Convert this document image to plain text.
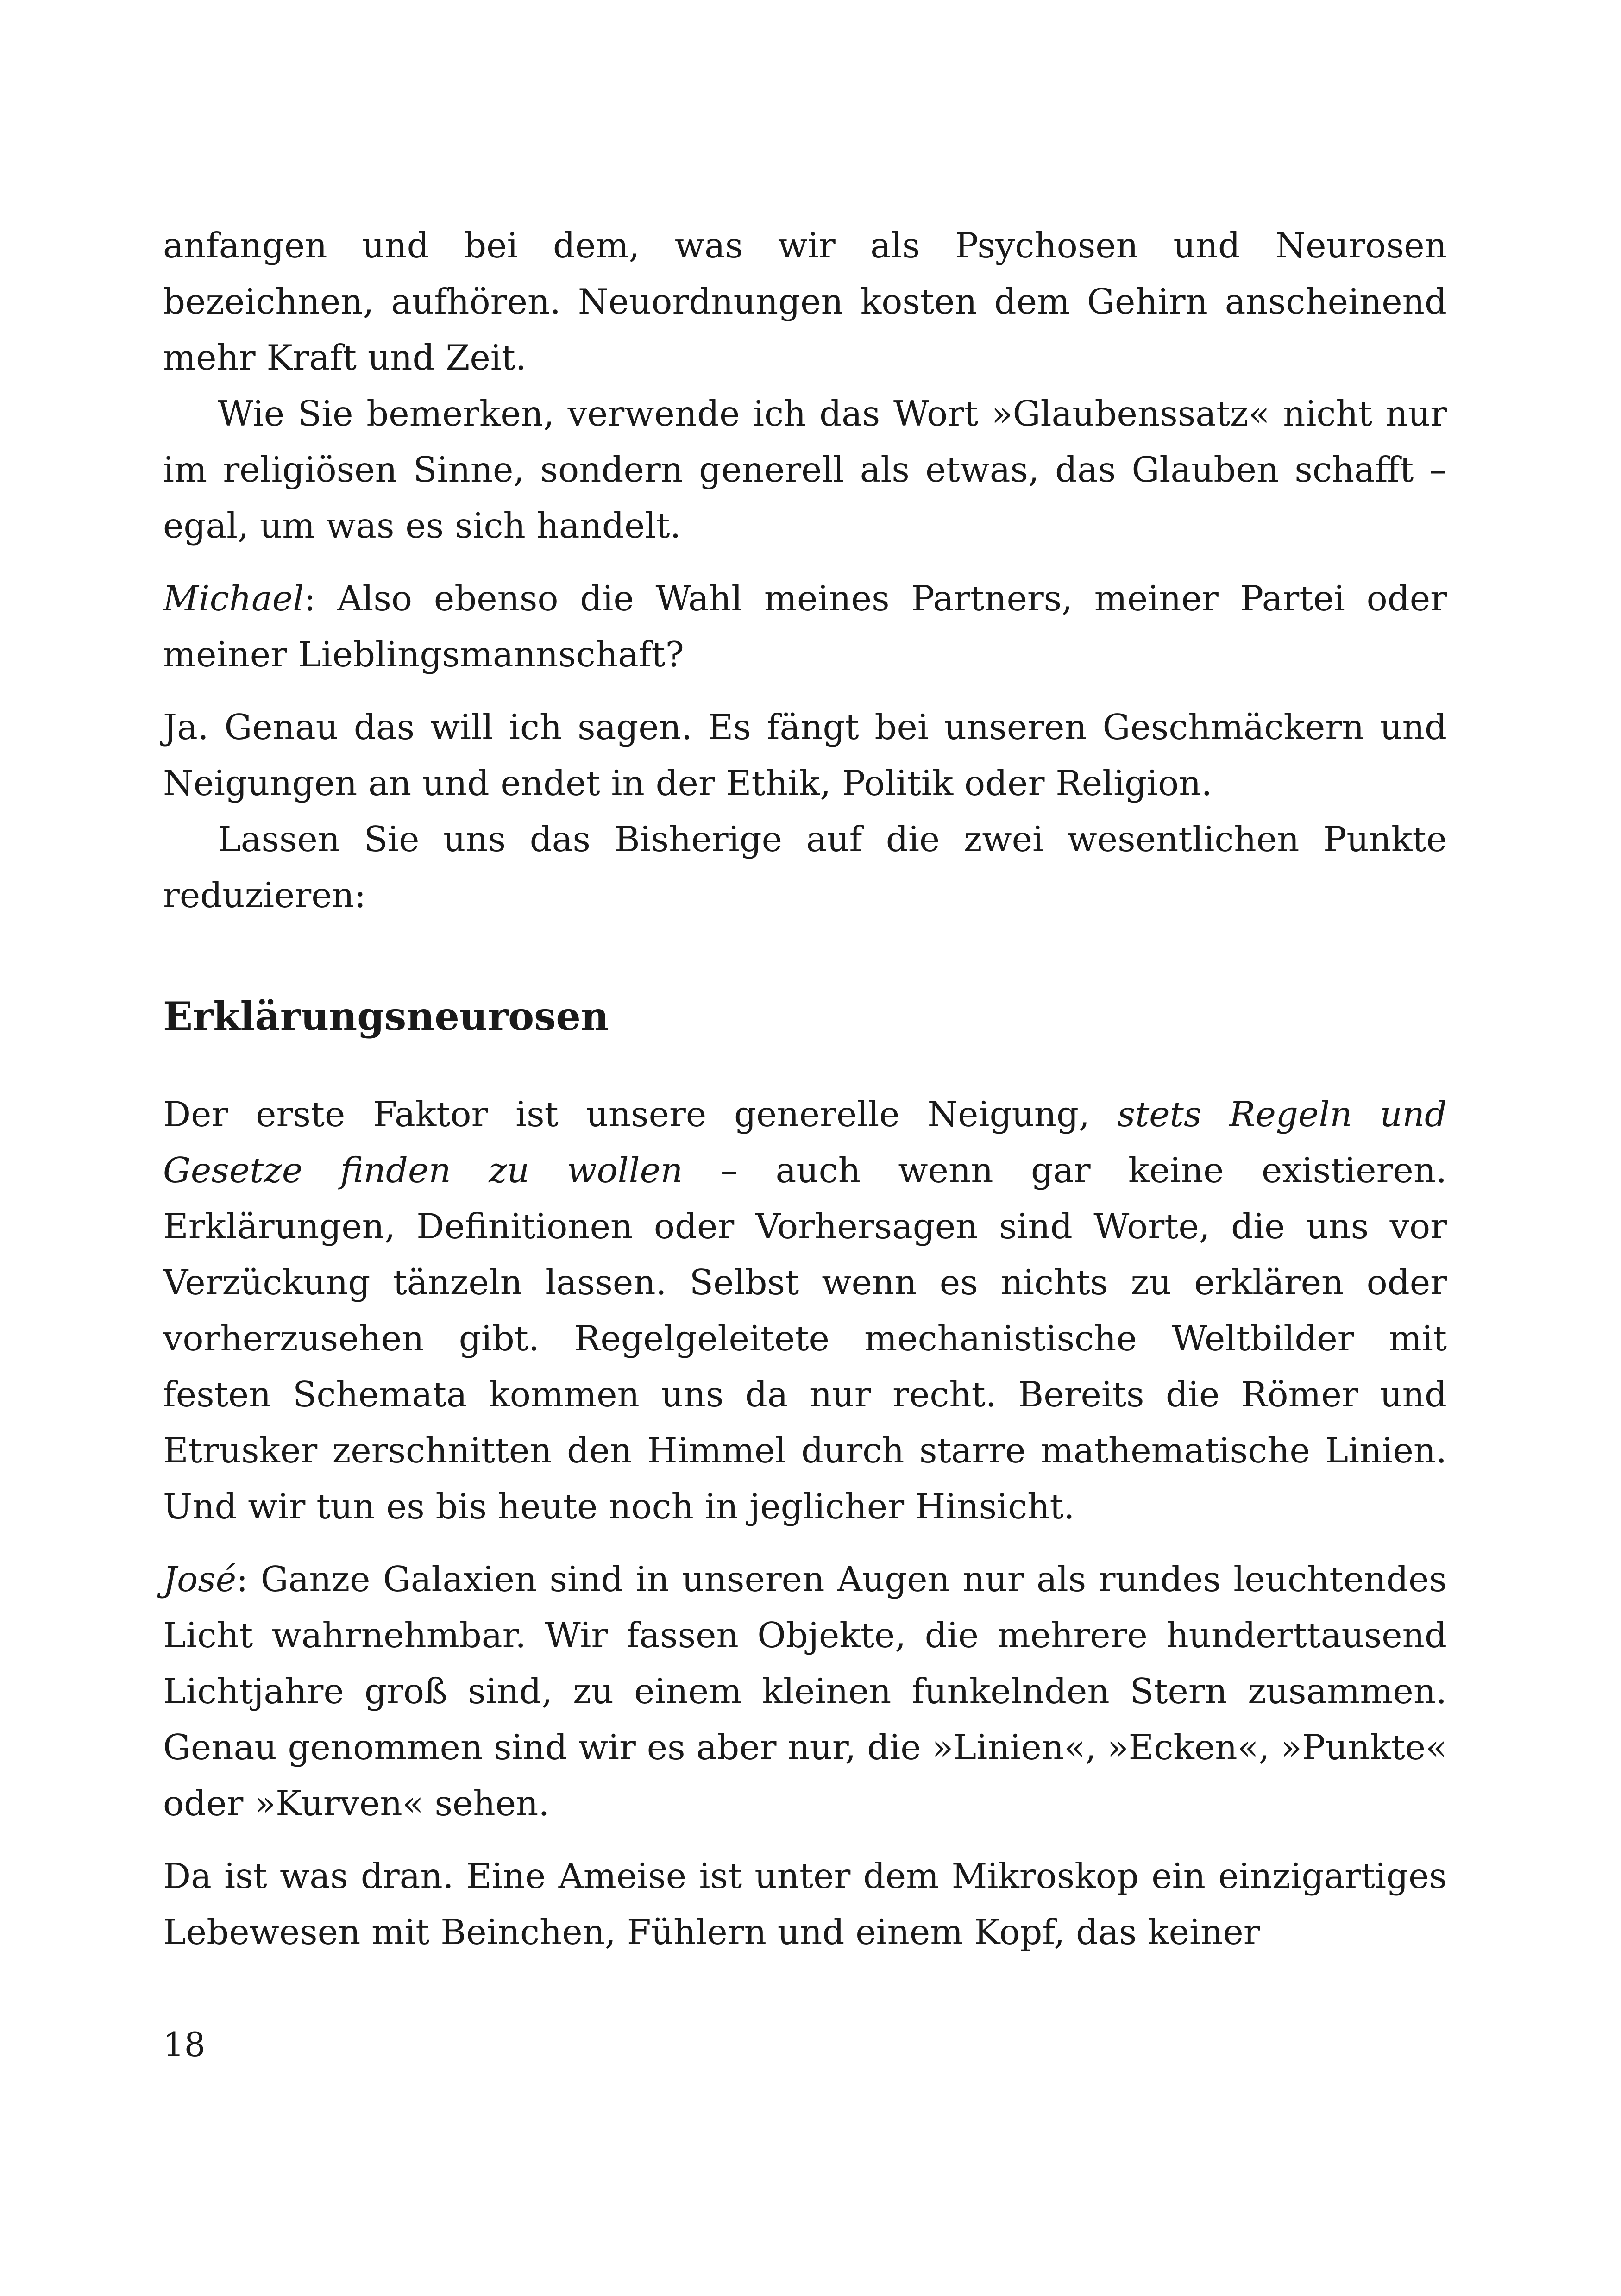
anfangen und bei dem, was wir als Psychosen und Neurosen bezeichnen, aufhören. Neuordnungen kosten dem Gehirn anscheinend mehr Kraft und Zeit.

Wie Sie bemerken, verwende ich das Wort »Glaubenssatz« nicht nur im religiösen Sinne, sondern generell als etwas, das Glauben schafft – egal, um was es sich handelt.

Michael: Also ebenso die Wahl meines Partners, meiner Partei oder meiner Lieblingsmannschaft?

Ja. Genau das will ich sagen. Es fängt bei unseren Geschmäckern und Neigungen an und endet in der Ethik, Politik oder Religion.

Lassen Sie uns das Bisherige auf die zwei wesentlichen Punkte reduzieren:

Erklärungsneurosen

Der erste Faktor ist unsere generelle Neigung, stets Regeln und Gesetze finden zu wollen – auch wenn gar keine existieren. Erklärungen, Definitionen oder Vorhersagen sind Worte, die uns vor Verzückung tänzeln lassen. Selbst wenn es nichts zu erklären oder vorherzusehen gibt. Regelgeleitete mechanistische Weltbilder mit festen Schemata kommen uns da nur recht. Bereits die Römer und Etrusker zerschnitten den Himmel durch starre mathematische Linien. Und wir tun es bis heute noch in jeglicher Hinsicht.

José: Ganze Galaxien sind in unseren Augen nur als rundes leuchtendes Licht wahrnehmbar. Wir fassen Objekte, die mehrere hunderttausend Lichtjahre groß sind, zu einem kleinen funkelnden Stern zusammen. Genau genommen sind wir es aber nur, die »Linien«, »Ecken«, »Punkte« oder »Kurven« sehen.

Da ist was dran. Eine Ameise ist unter dem Mikroskop ein einzigartiges Lebewesen mit Beinchen, Fühlern und einem Kopf, das keiner

18
